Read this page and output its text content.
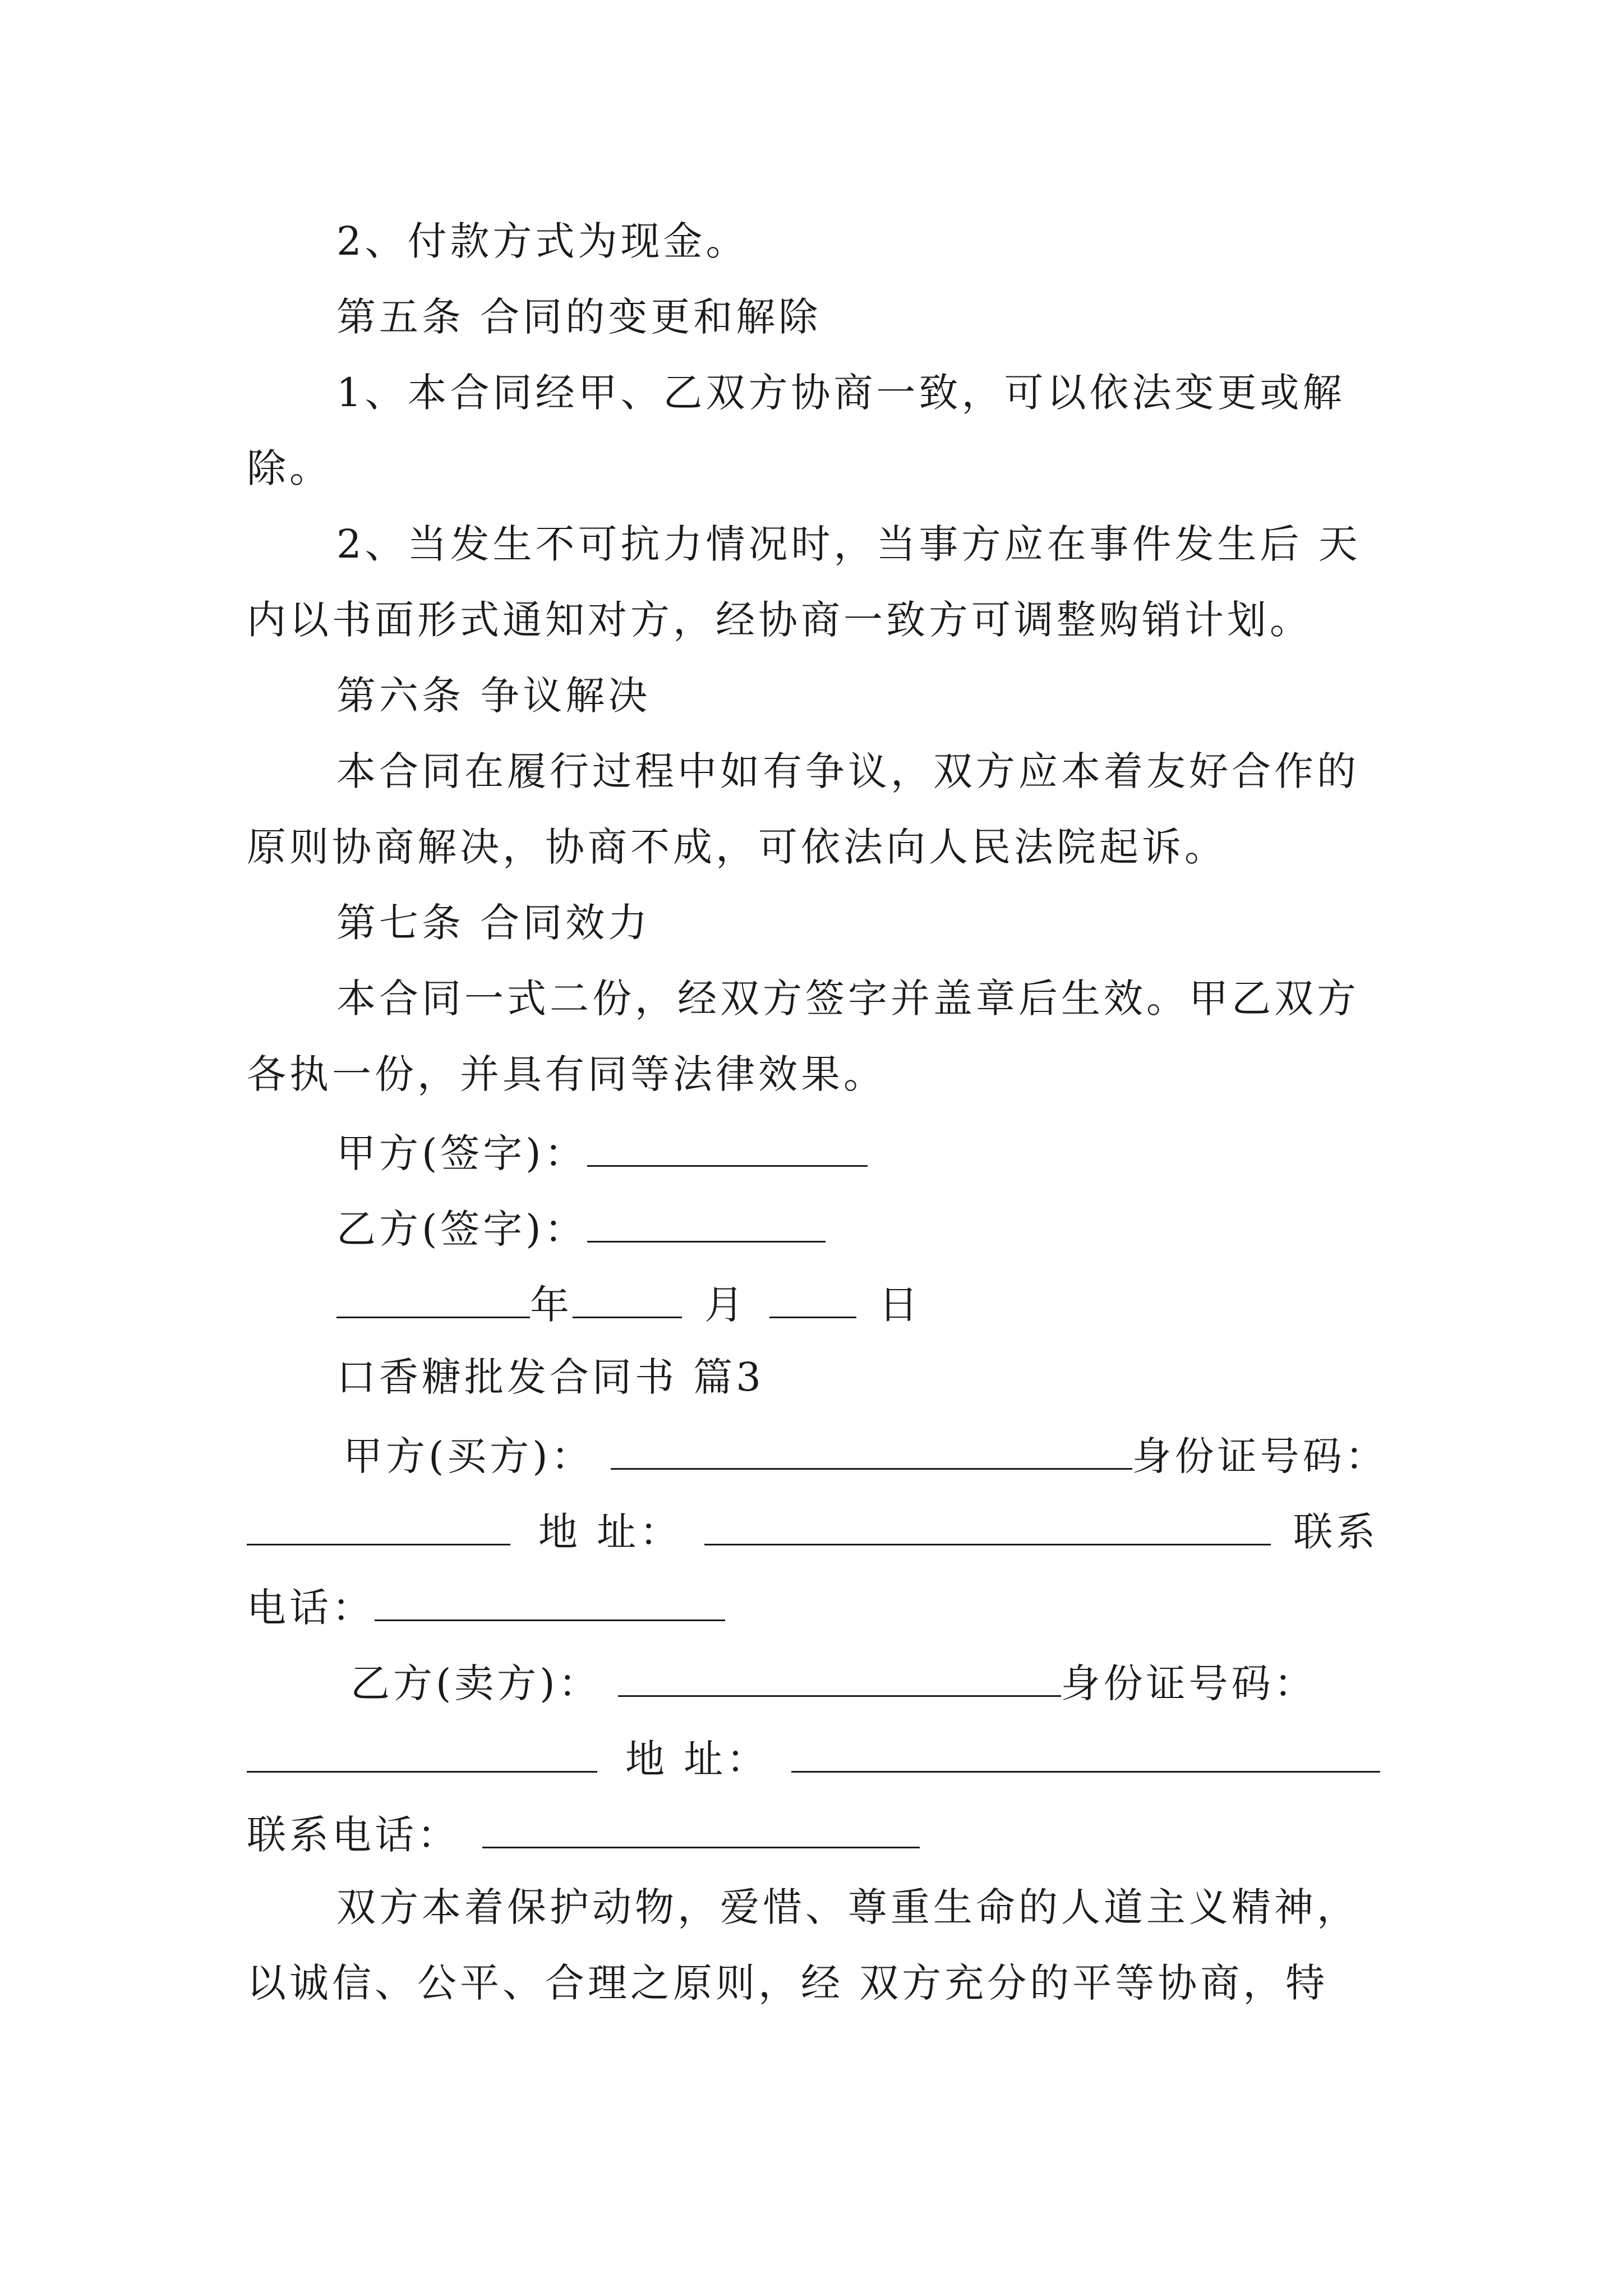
2、付款方式为现金。
第五条 合同的变更和解除
1、本合同经甲、乙双方协商一致，可以依法变更或解
除。
2、当发生不可抗力情况时，当事方应在事件发生后 天
内以书面形式通知对方，经协商一致方可调整购销计划。
第六条 争议解决
本合同在履行过程中如有争议，双方应本着友好合作的
原则协商解决，协商不成，可依法向人民法院起诉。
第七条 合同效力
本合同一式二份，经双方签字并盖章后生效。甲乙双方
各执一份，并具有同等法律效果。
甲方(签字)：
乙方(签字)：
年	月	日
口香糖批发合同书 篇3
甲方(买方)：	身份证号码：
地 址：	联系
电话：
乙方(卖方)：	身份证号码：
地 址：
联系电话：
双方本着保护动物，爱惜、尊重生命的人道主义精神，
以诚信、公平、合理之原则，经 双方充分的平等协商，特
